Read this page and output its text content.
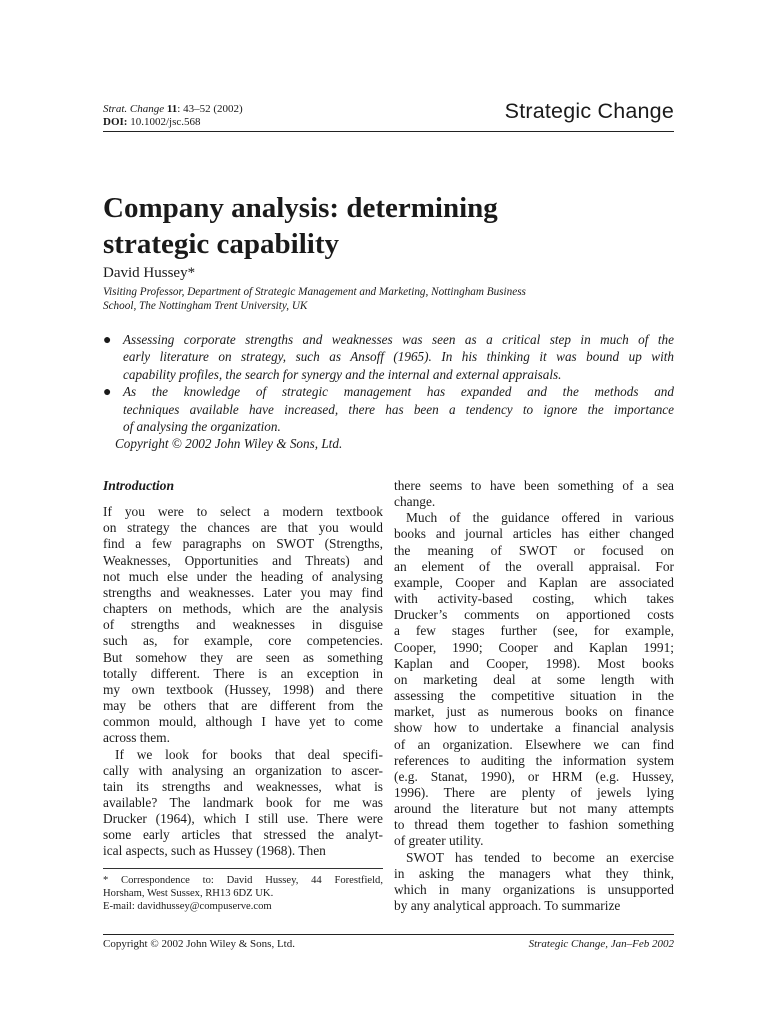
Strat. Change 11: 43–52 (2002)
DOI: 10.1002/jsc.568	Strategic Change
Company analysis: determining
strategic capability
David Hussey*
Visiting Professor, Department of Strategic Management and Marketing, Nottingham Business
School, The Nottingham Trent University, UK
● Assessing corporate strengths and weaknesses was seen as a critical step in much of the
early literature on strategy, such as Ansoff (1965). In his thinking it was bound up with
capability profiles, the search for synergy and the internal and external appraisals.
● As the knowledge of strategic management has expanded and the methods and
techniques available have increased, there has been a tendency to ignore the importance
of analysing the organization.
Copyright © 2002 John Wiley & Sons, Ltd.
Introduction
If you were to select a modern textbook
on strategy the chances are that you would
find a few paragraphs on SWOT (Strengths,
Weaknesses, Opportunities and Threats) and
not much else under the heading of analysing
strengths and weaknesses. Later you may find
chapters on methods, which are the analysis
of strengths and weaknesses in disguise
such as, for example, core competencies.
But somehow they are seen as something
totally different. There is an exception in
my own textbook (Hussey, 1998) and there
may be others that are different from the
common mould, although I have yet to come
across them.
If we look for books that deal specifi-
cally with analysing an organization to ascer-
tain its strengths and weaknesses, what is
available? The landmark book for me was
Drucker (1964), which I still use. There were
some early articles that stressed the analyt-
ical aspects, such as Hussey (1968). Then
there seems to have been something of a sea
change.
Much of the guidance offered in various
books and journal articles has either changed
the meaning of SWOT or focused on
an element of the overall appraisal. For
example, Cooper and Kaplan are associated
with activity-based costing, which takes
Drucker’s comments on apportioned costs
a few stages further (see, for example,
Cooper, 1990; Cooper and Kaplan 1991;
Kaplan and Cooper, 1998). Most books
on marketing deal at some length with
assessing the competitive situation in the
market, just as numerous books on finance
show how to undertake a financial analysis
of an organization. Elsewhere we can find
references to auditing the information system
(e.g. Stanat, 1990), or HRM (e.g. Hussey,
1996). There are plenty of jewels lying
around the literature but not many attempts
to thread them together to fashion something
of greater utility.
SWOT has tended to become an exercise
in asking the managers what they think,
which in many organizations is unsupported
by any analytical approach. To summarize
* Correspondence to: David Hussey, 44 Forestfield,
Horsham, West Sussex, RH13 6DZ UK.
E-mail: davidhussey@compuserve.com
Copyright © 2002 John Wiley & Sons, Ltd.	Strategic Change, Jan–Feb 2002
